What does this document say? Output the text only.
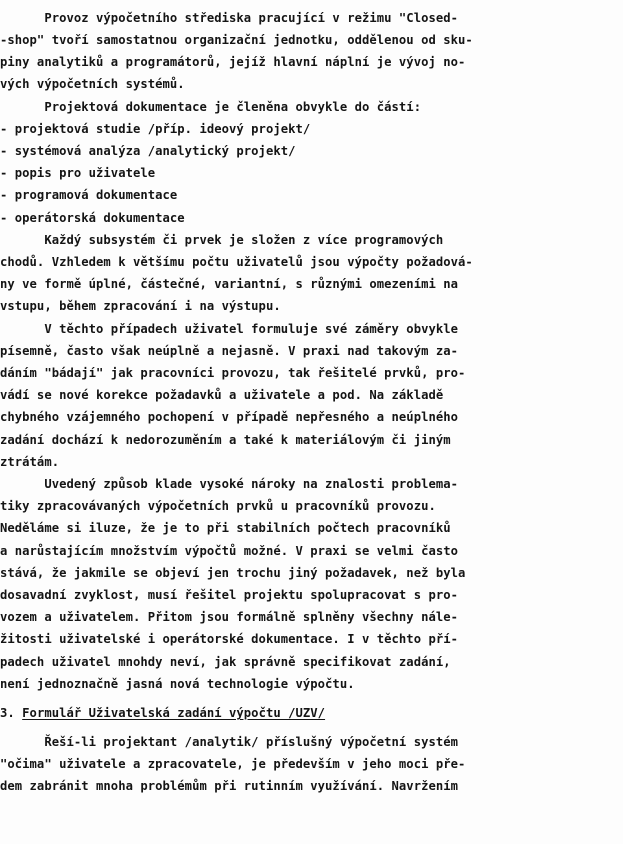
Provoz výpočetního střediska pracující v režimu "Closed-
-shop" tvoří samostatnou organizační jednotku, oddělenou od sku-
piny analytiků a programátorů, jejíž hlavní náplní je vývoj no-
vých výpočetních systémů.
Projektová dokumentace je členěna obvykle do částí:
- projektová studie /příp. ideový projekt/
- systémová analýza /analytický projekt/
- popis pro uživatele
- programová dokumentace
- operátorská dokumentace
Každý subsystém či prvek je složen z více programových
chodů. Vzhledem k většímu počtu uživatelů jsou výpočty požadová-
ny ve formě úplné, částečné, variantní, s různými omezeními na
vstupu, během zpracování i na výstupu.
V těchto případech uživatel formuluje své záměry obvykle
písemně, často však neúplně a nejasně. V praxi nad takovým za-
dáním "bádají" jak pracovníci provozu, tak řešitelé prvků, pro-
vádí se nové korekce požadavků a uživatele a pod. Na základě
chybného vzájemného pochopení v případě nepřesného a neúplného
zadání dochází k nedorozuměním a také k materiálovým či jiným
ztrátám.
Uvedený způsob klade vysoké nároky na znalosti problema-
tiky zpracovávaných výpočetních prvků u pracovníků provozu.
Neděláme si iluze, že je to při stabilních počtech pracovníků
a narůstajícím množstvím výpočtů možné. V praxi se velmi často
stává, že jakmile se objeví jen trochu jiný požadavek, než byla
dosavadní zvyklost, musí řešitel projektu spolupracovat s pro-
vozem a uživatelem. Přitom jsou formálně splněny všechny nále-
žitosti uživatelské i operátorské dokumentace. I v těchto pří-
padech uživatel mnohdy neví, jak správně specifikovat zadání,
není jednoznačně jasná nová technologie výpočtu.
3. Formulář Uživatelská zadání výpočtu /UZV/
Řeší-li projektant /analytik/ příslušný výpočetní systém
"očima" uživatele a zpracovatele, je především v jeho moci pře-
dem zabránit mnoha problémům při rutinním využívání. Navržením
